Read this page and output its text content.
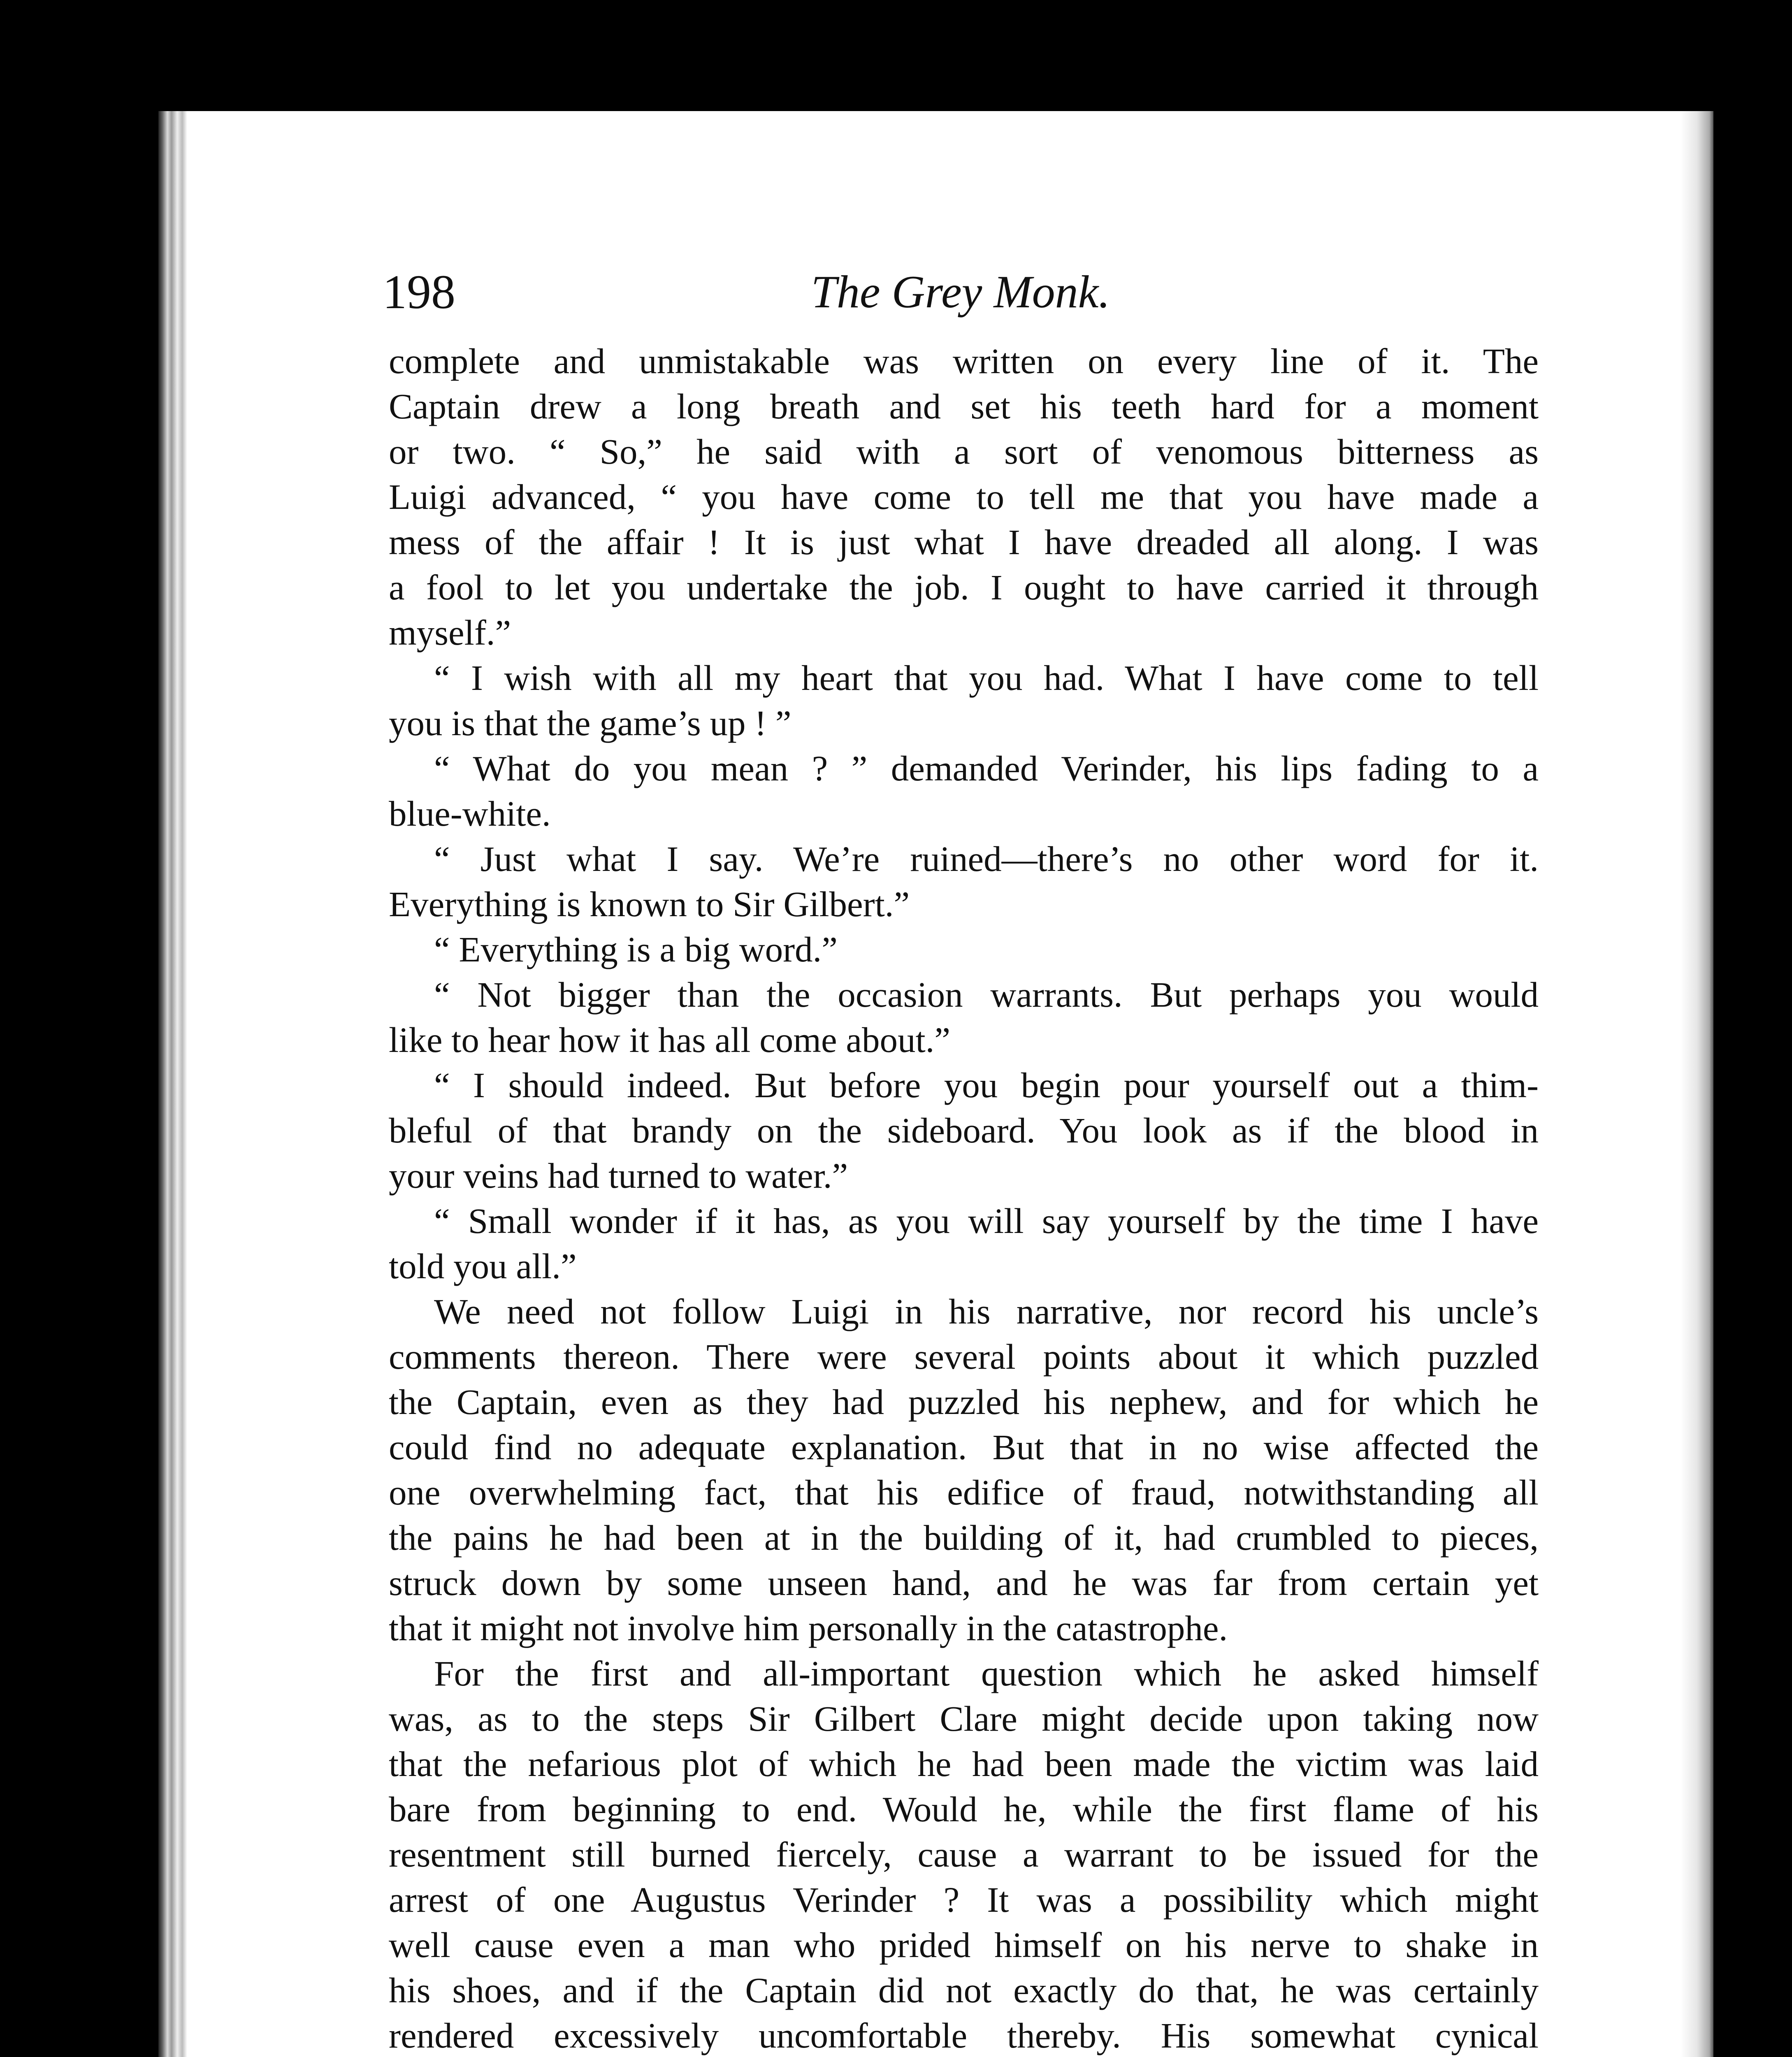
198	The Grey Monk.
complete and unmistakable was written on every line of it. The
Captain drew a long breath and set his teeth hard for a moment
or two. “ So,” he said with a sort of venomous bitterness as
Luigi advanced, “ you have come to tell me that you have made a
mess of the affair ! It is just what I have dreaded all along. I was
a fool to let you undertake the job. I ought to have carried it through
myself.”
“ I wish with all my heart that you had. What I have come to tell
you is that the game’s up ! ”
“ What do you mean ? ” demanded Verinder, his lips fading to a
blue-white.
“ Just what I say. We’re ruined—there’s no other word for it.
Everything is known to Sir Gilbert.”
“ Everything is a big word.”
“ Not bigger than the occasion warrants. But perhaps you would
like to hear how it has all come about.”
“ I should indeed. But before you begin pour yourself out a thim-
bleful of that brandy on the sideboard. You look as if the blood in
your veins had turned to water.”
“ Small wonder if it has, as you will say yourself by the time I have
told you all.”
We need not follow Luigi in his narrative, nor record his uncle’s
comments thereon. There were several points about it which puzzled
the Captain, even as they had puzzled his nephew, and for which he
could find no adequate explanation. But that in no wise affected the
one overwhelming fact, that his edifice of fraud, notwithstanding all
the pains he had been at in the building of it, had crumbled to pieces,
struck down by some unseen hand, and he was far from certain yet
that it might not involve him personally in the catastrophe.
For the first and all-important question which he asked himself
was, as to the steps Sir Gilbert Clare might decide upon taking now
that the nefarious plot of which he had been made the victim was laid
bare from beginning to end. Would he, while the first flame of his
resentment still burned fiercely, cause a warrant to be issued for the
arrest of one Augustus Verinder ? It was a possibility which might
well cause even a man who prided himself on his nerve to shake in
his shoes, and if the Captain did not exactly do that, he was certainly
rendered excessively uncomfortable thereby. His somewhat cynical
